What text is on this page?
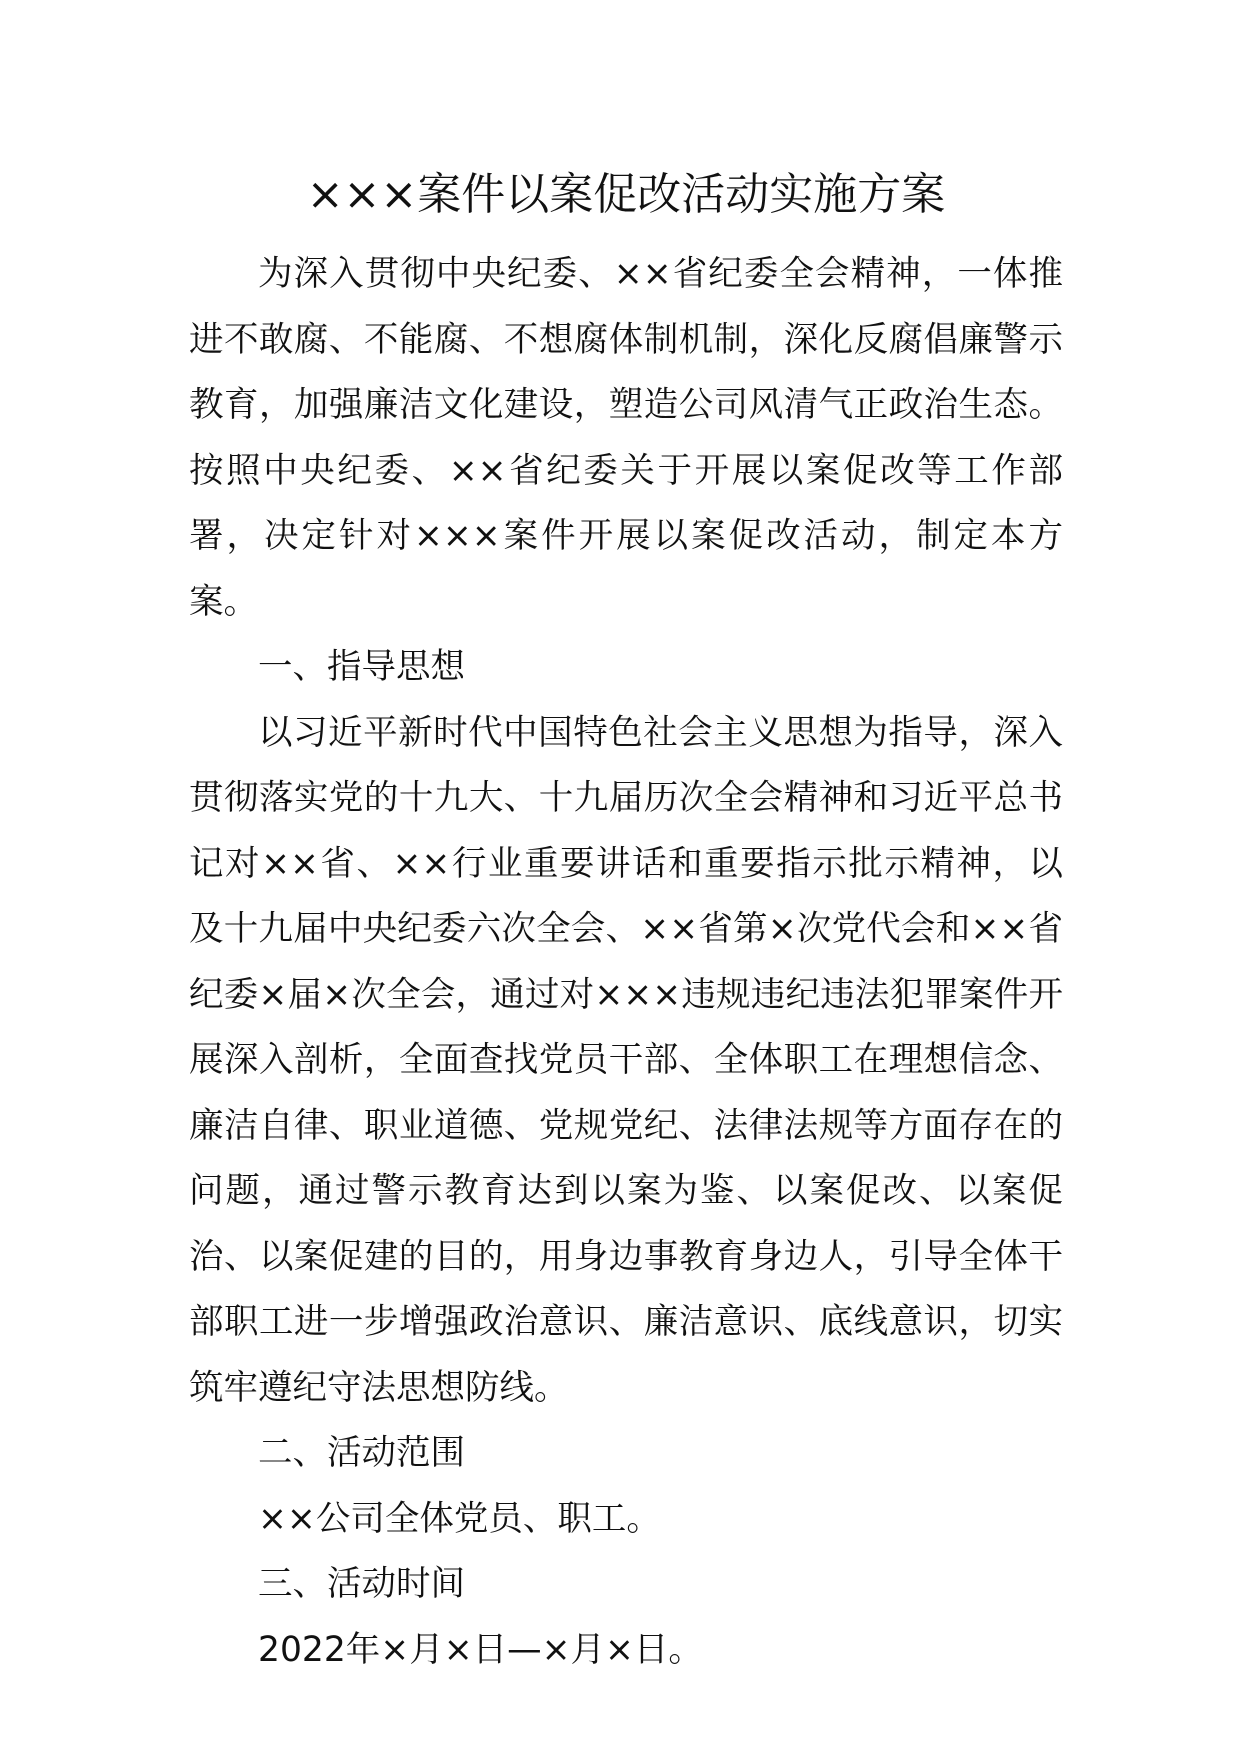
×××案件以案促改活动实施方案

为深入贯彻中央纪委、××省纪委全会精神，一体推进不敢腐、不能腐、不想腐体制机制，深化反腐倡廉警示教育，加强廉洁文化建设，塑造公司风清气正政治生态。按照中央纪委、××省纪委关于开展以案促改等工作部署，决定针对×××案件开展以案促改活动，制定本方案。

一、指导思想

以习近平新时代中国特色社会主义思想为指导，深入贯彻落实党的十九大、十九届历次全会精神和习近平总书记对××省、××行业重要讲话和重要指示批示精神，以及十九届中央纪委六次全会、××省第×次党代会和××省纪委×届×次全会，通过对×××违规违纪违法犯罪案件开展深入剖析，全面查找党员干部、全体职工在理想信念、廉洁自律、职业道德、党规党纪、法律法规等方面存在的问题，通过警示教育达到以案为鉴、以案促改、以案促治、以案促建的目的，用身边事教育身边人，引导全体干部职工进一步增强政治意识、廉洁意识、底线意识，切实筑牢遵纪守法思想防线。

二、活动范围

××公司全体党员、职工。

三、活动时间

2022年×月×日—×月×日。
